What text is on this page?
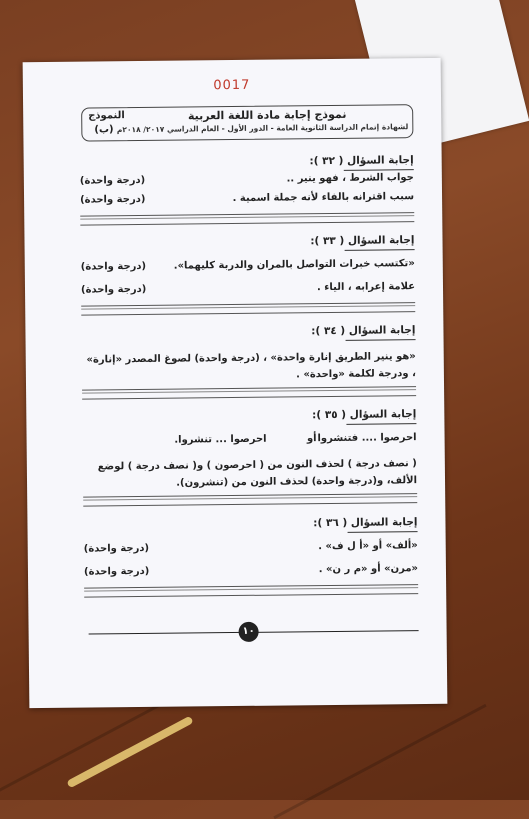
0017
نموذج إجابة مادة اللغة العربية
لشهادة إتمام الدراسة الثانوية العامة - الدور الأول - العام الدراسي ٢٠١٧/ ٢٠١٨م
النموذج
(ب)
إجابة السؤال ( ٣٢ ):
جواب الشرط ، فهو ينير ..
(درجة واحدة)
سبب اقترانه بالفاء لأنه جملة اسمية .
(درجة واحدة)
إجابة السؤال ( ٣٣ ):
«تكتسب خبرات التواصل بالمران والدربة كليهما».
(درجة واحدة)
علامة إعرابه ، الياء .
(درجة واحدة)
إجابة السؤال ( ٣٤ ):
«هو ينير الطريق إنارة واحدة» ، (درجة واحدة) لصوغ المصدر «إنارة» ، ودرجة لكلمة «واحدة» .
إجابة السؤال ( ٣٥ ):
احرصوا .... فتنشروا
أو
احرصوا ... تنشروا.
( نصف درجة ) لحذف النون من ( احرصون ) و( نصف درجة ) لوضع الألف، و(درجة واحدة) لحذف النون من (تنشرون).
إجابة السؤال ( ٣٦ ):
«ألف» أو «أ ل ف» .
(درجة واحدة)
«مرن» أو «م ر ن» .
(درجة واحدة)
١٠
